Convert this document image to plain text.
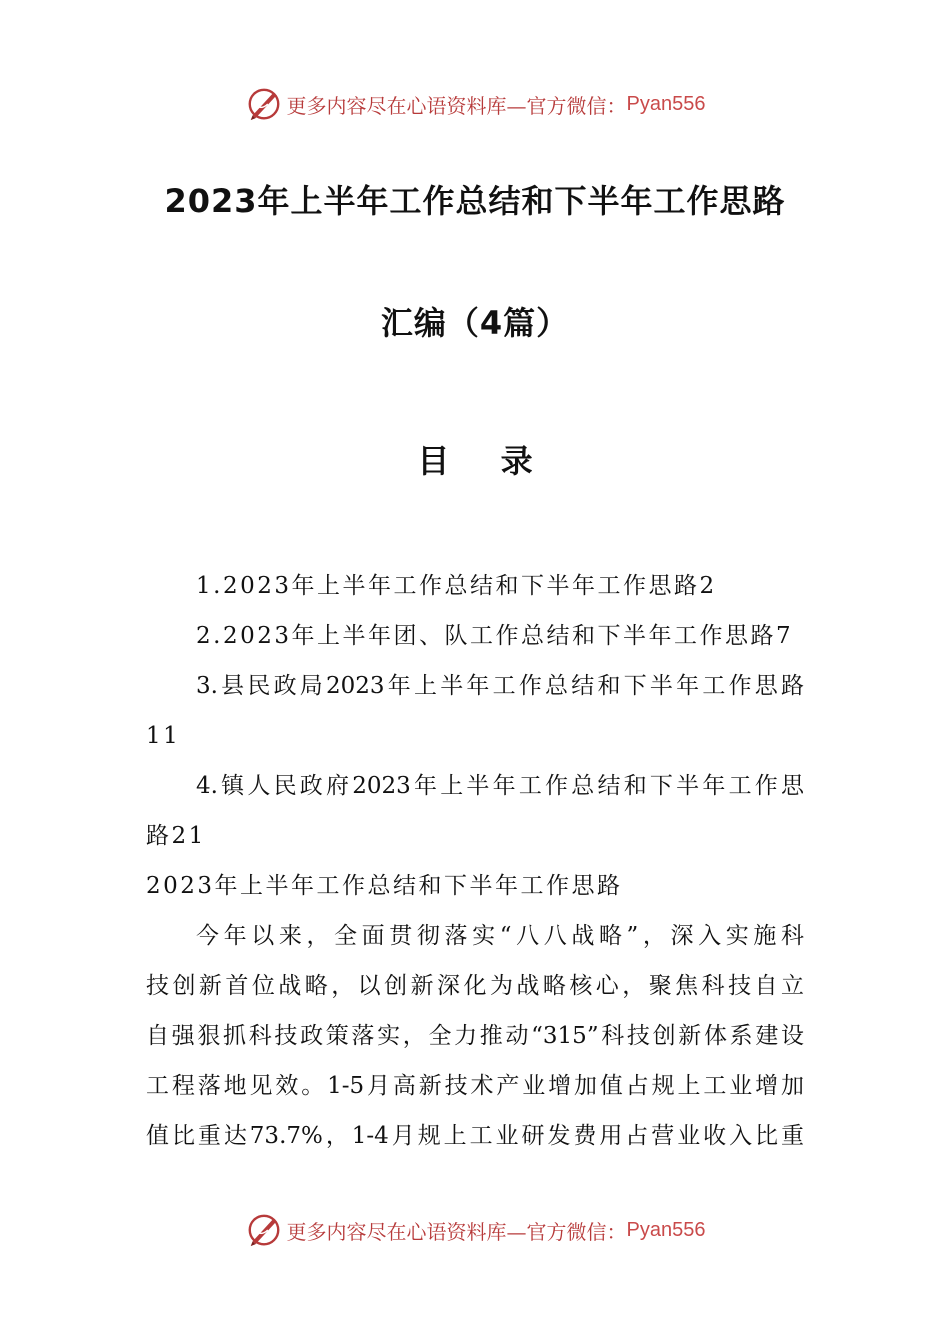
更多内容尽在心语资料库—官方微信： Pyan556
2023年上半年工作总结和下半年工作思路
汇编（4篇）
目 录
1.2023年上半年工作总结和下半年工作思路2
2.2023年上半年团、队工作总结和下半年工作思路7
3.县民政局2023年上半年工作总结和下半年工作思路
11
4.镇人民政府2023年上半年工作总结和下半年工作思
路21
2023年上半年工作总结和下半年工作思路
今年以来，全面贯彻落实“八八战略”，深入实施科
技创新首位战略，以创新深化为战略核心，聚焦科技自立
自强狠抓科技政策落实，全力推动“315”科技创新体系建设
工程落地见效。1-5月高新技术产业增加值占规上工业增加
值比重达73.7%，1-4月规上工业研发费用占营业收入比重
更多内容尽在心语资料库—官方微信： Pyan556
